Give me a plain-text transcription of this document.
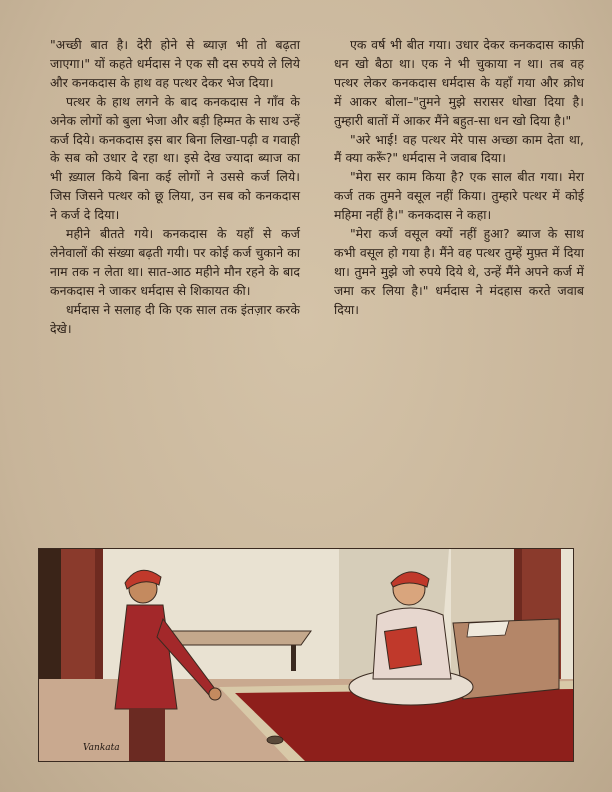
"अच्छी बात है। देरी होने से ब्याज़ भी तो बढ़ता जाएगा।" यों कहते धर्मदास ने एक सौ दस रुपये ले लिये और कनकदास के हाथ वह पत्थर देकर भेज दिया।

पत्थर के हाथ लगने के बाद कनकदास ने गाँव के अनेक लोगों को बुला भेजा और बड़ी हिम्मत के साथ उन्हें कर्ज दिये। कनकदास इस बार बिना लिखा-पढ़ी व गवाही के सब को उधार दे रहा था। इसे देख ज्यादा ब्याज का भी ख़्याल किये बिना कई लोगों ने उससे कर्ज लिये। जिस जिसने पत्थर को छू लिया, उन सब को कनकदास ने कर्ज दे दिया।

महीने बीतते गये। कनकदास के यहाँ से कर्ज लेनेवालों की संख्या बढ़ती गयी। पर कोई कर्ज चुकाने का नाम तक न लेता था। सात-आठ महीने मौन रहने के बाद कनकदास ने जाकर धर्मदास से शिकायत की।

धर्मदास ने सलाह दी कि एक साल तक इंतज़ार करके देखे।

एक वर्ष भी बीत गया। उधार देकर कनकदास काफ़ी धन खो बैठा था। एक ने भी चुकाया न था। तब वह पत्थर लेकर कनकदास धर्मदास के यहाँ गया और क्रोध में आकर बोला–"तुमने मुझे सरासर धोखा दिया है। तुम्हारी बातों में आकर मैंने बहुत-सा धन खो दिया है।"

"अरे भाई! वह पत्थर मेरे पास अच्छा काम देता था, मैं क्या करूँ?" धर्मदास ने जवाब दिया।

"मेरा सर काम किया है? एक साल बीत गया। मेरा कर्ज तक तुमने वसूल नहीं किया। तुम्हारे पत्थर में कोई महिमा नहीं है।" कनकदास ने कहा।

"मेरा कर्ज वसूल क्यों नहीं हुआ? ब्याज के साथ कभी वसूल हो गया है। मैंने वह पत्थर तुम्हें मुफ़्त में दिया था। तुमने मुझे जो रुपये दिये थे, उन्हें मैंने अपने कर्ज में जमा कर लिया है।" धर्मदास ने मंदहास करते जवाब दिया।

Vankata
